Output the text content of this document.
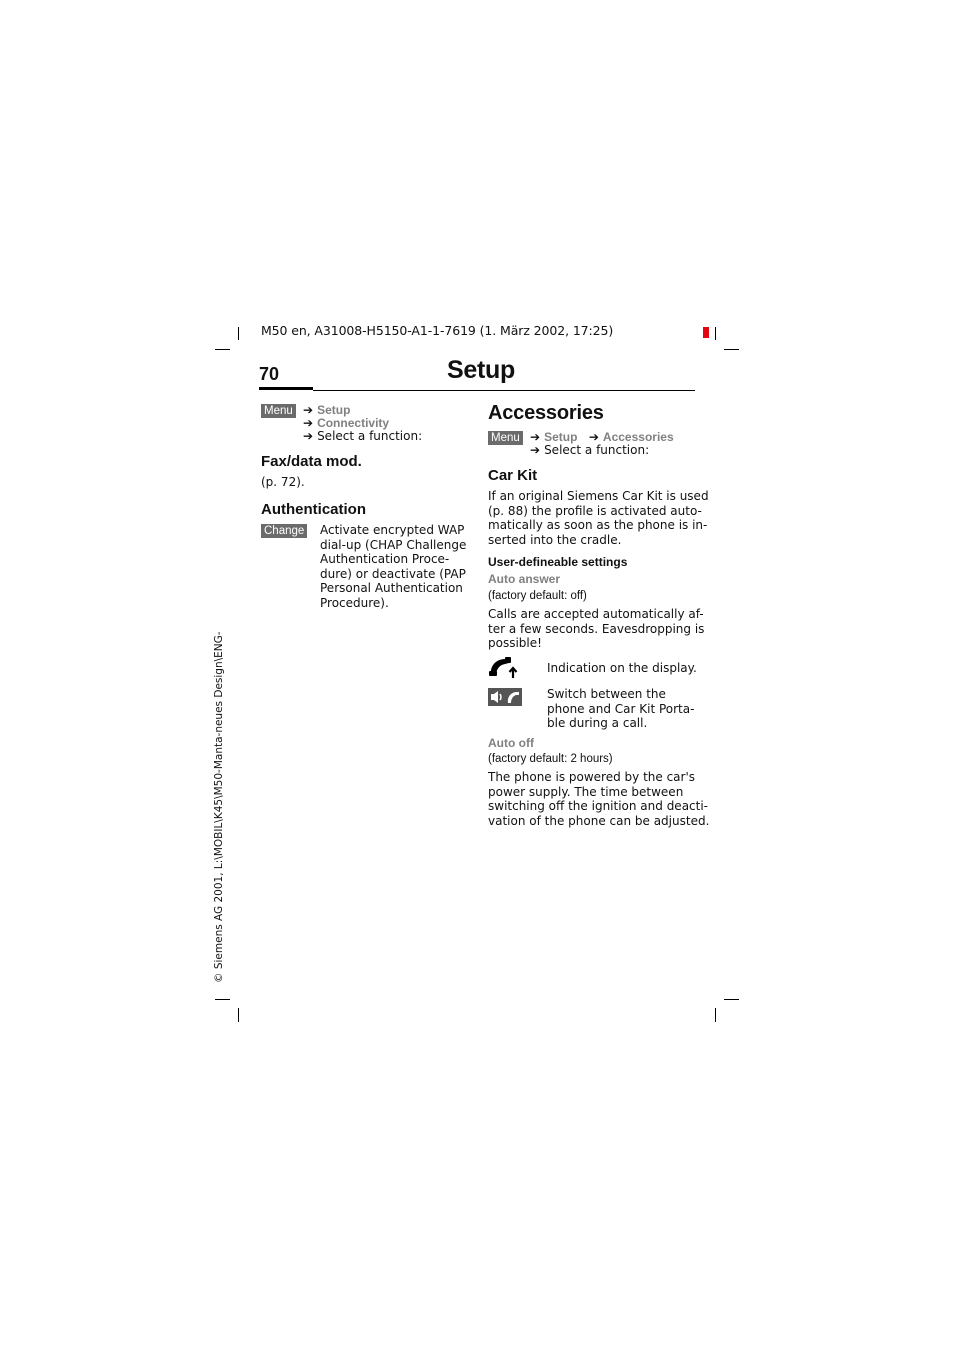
M50 en, A31008-H5150-A1-1-7619 (1. März 2002, 17:25)
© Siemens AG 2001, L:\MOBIL\K45\M50-Manta-neues Design\ENG-
70	Setup
Menu ➔ Setup
➔ Connectivity
➔ Select a function:
Fax/data mod.
(p. 72).
Authentication
Change Activate encrypted WAP
dial-up (CHAP Challenge
Authentication Proce-
dure) or deactivate (PAP
Personal Authentication
Procedure).
Accessories
Menu ➔ Setup ➔ Accessories
➔ Select a function:
Car Kit
If an original Siemens Car Kit is used
(p. 88) the profile is activated auto-
matically as soon as the phone is in-
serted into the cradle.
User-defineable settings
Auto answer
(factory default: off)
Calls are accepted automatically af-
ter a few seconds. Eavesdropping is
possible!
Indication on the display.
Switch between the
phone and Car Kit Porta-
ble during a call.
Auto off
(factory default: 2 hours)
The phone is powered by the car's
power supply. The time between
switching off the ignition and deacti-
vation of the phone can be adjusted.
